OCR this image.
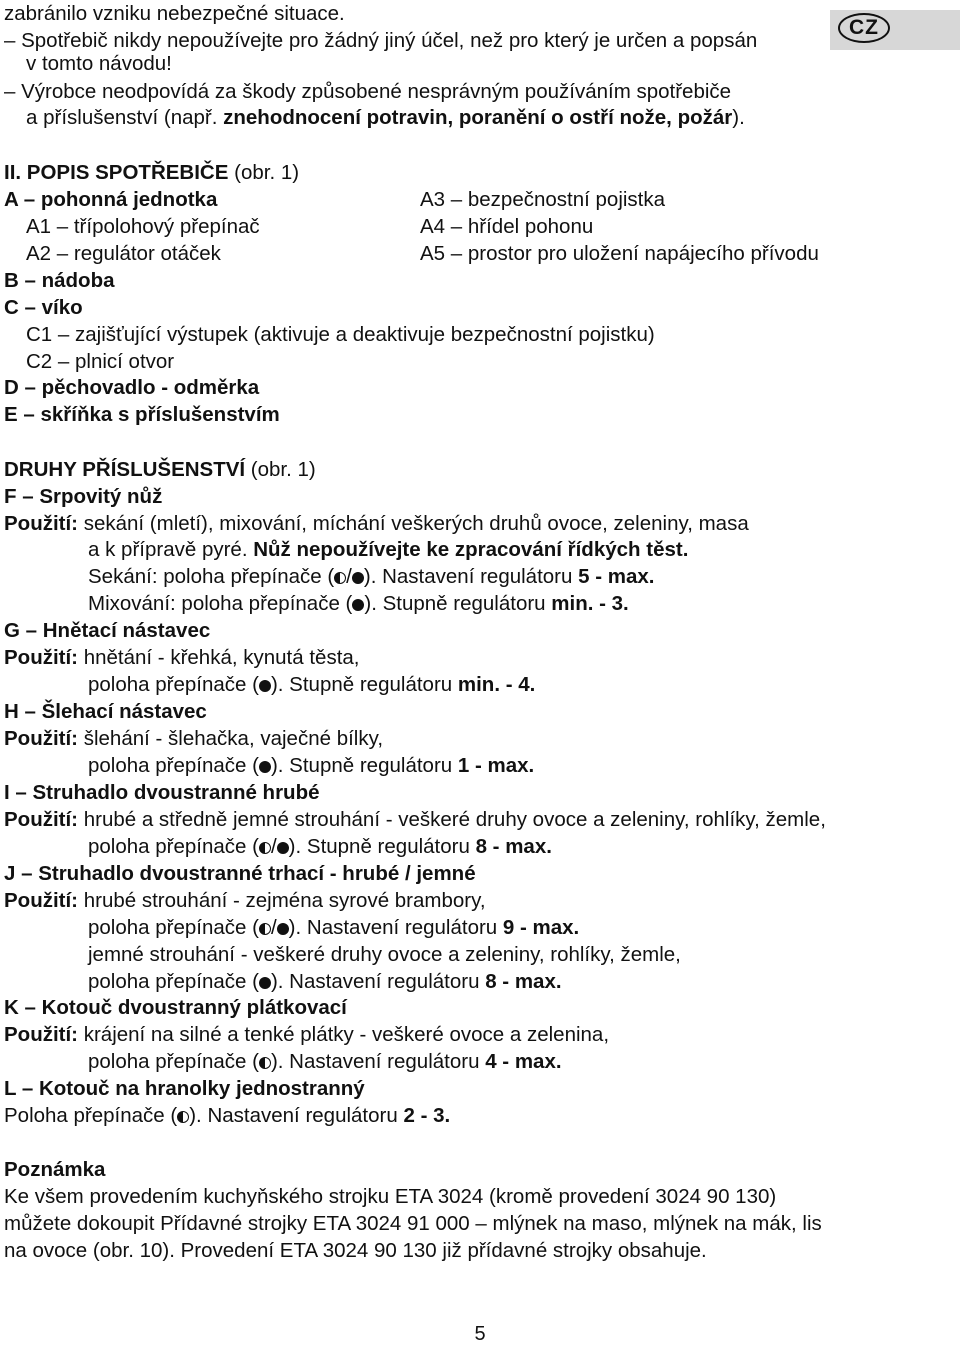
CZ
zabránilo vzniku nebezpečné situace.
– Spotřebič nikdy nepoužívejte pro žádný jiný účel, než pro který je určen a popsán
v tomto návodu!
– Výrobce neodpovídá za škody způsobené nesprávným používáním spotřebiče
a příslušenství (např. znehodnocení potravin, poranění o ostří nože, požár).
II. POPIS SPOTŘEBIČE (obr. 1)
A – pohonná jednotka
A1 – třípolohový přepínač
A2 – regulátor otáček
A3 – bezpečnostní pojistka
A4 – hřídel pohonu
A5 – prostor pro uložení napájecího přívodu
B – nádoba
C – víko
C1 – zajišťující výstupek (aktivuje a deaktivuje bezpečnostní pojistku)
C2 – plnicí otvor
D – pěchovadlo - odměrka
E – skříňka s příslušenstvím
DRUHY PŘÍSLUŠENSTVÍ (obr. 1)
F – Srpovitý nůž
Použití: sekání (mletí), mixování, míchání veškerých druhů ovoce, zeleniny, masa
a k přípravě pyré. Nůž nepoužívejte ke zpracování řídkých těst.
Sekání: poloha přepínače ( / ). Nastavení regulátoru 5 - max.
Mixování: poloha přepínače ( ). Stupně regulátoru min. - 3.
G – Hnětací nástavec
Použití: hnětání - křehká, kynutá těsta,
poloha přepínače ( ). Stupně regulátoru min. - 4.
H – Šlehací nástavec
Použití: šlehání - šlehačka, vaječné bílky,
poloha přepínače ( ). Stupně regulátoru 1 - max.
I – Struhadlo dvoustranné hrubé
Použití: hrubé a středně jemné strouhání - veškeré druhy ovoce a zeleniny, rohlíky, žemle,
poloha přepínače ( / ). Stupně regulátoru 8 - max.
J – Struhadlo dvoustranné trhací - hrubé / jemné
Použití: hrubé strouhání - zejména syrové brambory,
poloha přepínače ( / ). Nastavení regulátoru 9 - max.
jemné strouhání - veškeré druhy ovoce a zeleniny, rohlíky, žemle,
poloha přepínače ( ). Nastavení regulátoru 8 - max.
K – Kotouč dvoustranný plátkovací
Použití: krájení na silné a tenké plátky - veškeré ovoce a zelenina,
poloha přepínače ( ). Nastavení regulátoru 4 - max.
L – Kotouč na hranolky jednostranný
Poloha přepínače ( ). Nastavení regulátoru 2 - 3.
Poznámka
Ke všem provedením kuchyňského strojku ETA 3024 (kromě provedení 3024 90 130)
můžete dokoupit Přídavné strojky ETA 3024 91 000 – mlýnek na maso, mlýnek na mák, lis
na ovoce (obr. 10). Provedení ETA 3024 90 130 již přídavné strojky obsahuje.
5
